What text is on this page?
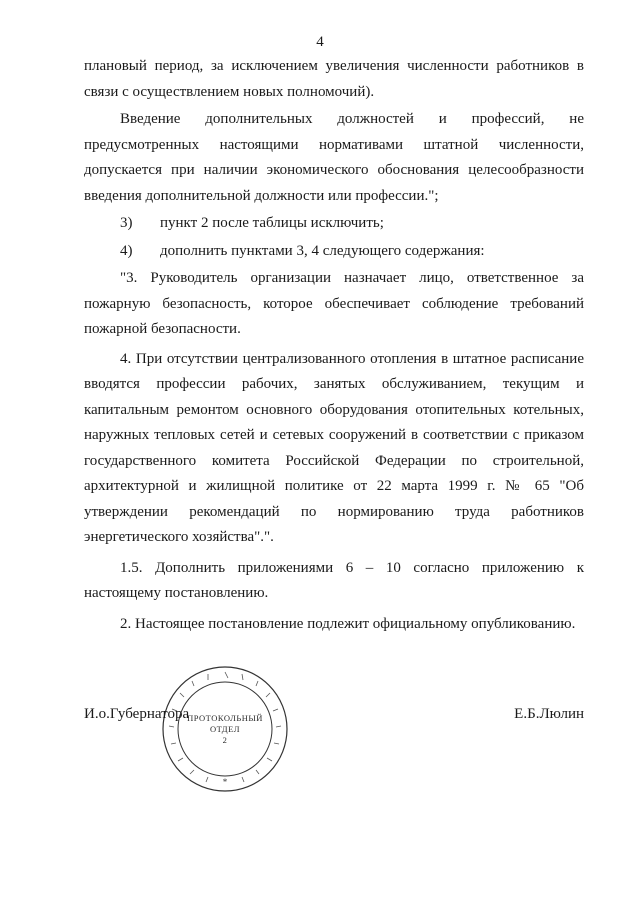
4

плановый период, за исключением увеличения численности работников в связи с осуществлением новых полномочий).

Введение дополнительных должностей и профессий, не предусмотренных настоящими нормативами штатной численности, допускается при наличии экономического обоснования целесообразности введения дополнительной должности или профессии.";

3)	пункт 2 после таблицы исключить;
4)	дополнить пунктами 3, 4 следующего содержания:

"3. Руководитель организации назначает лицо, ответственное за пожарную безопасность, которое обеспечивает соблюдение требований пожарной безопасности.

4. При отсутствии централизованного отопления в штатное расписание вводятся профессии рабочих, занятых обслуживанием, текущим и капитальным ремонтом основного оборудования отопительных котельных, наружных тепловых сетей и сетевых сооружений в соответствии с приказом государственного комитета Российской Федерации по строительной, архитектурной и жилищной политике от 22 марта 1999 г. № 65 "Об утверждении рекомендаций по нормированию труда работников энергетического хозяйства".".

1.5. Дополнить приложениями 6 – 10 согласно приложению к настоящему постановлению.

2. Настоящее постановление подлежит официальному опубликованию.

*
ПРОТОКОЛЬНЫЙ
ОТДЕЛ
2
И.о.Губернатора	Е.Б.Люлин
